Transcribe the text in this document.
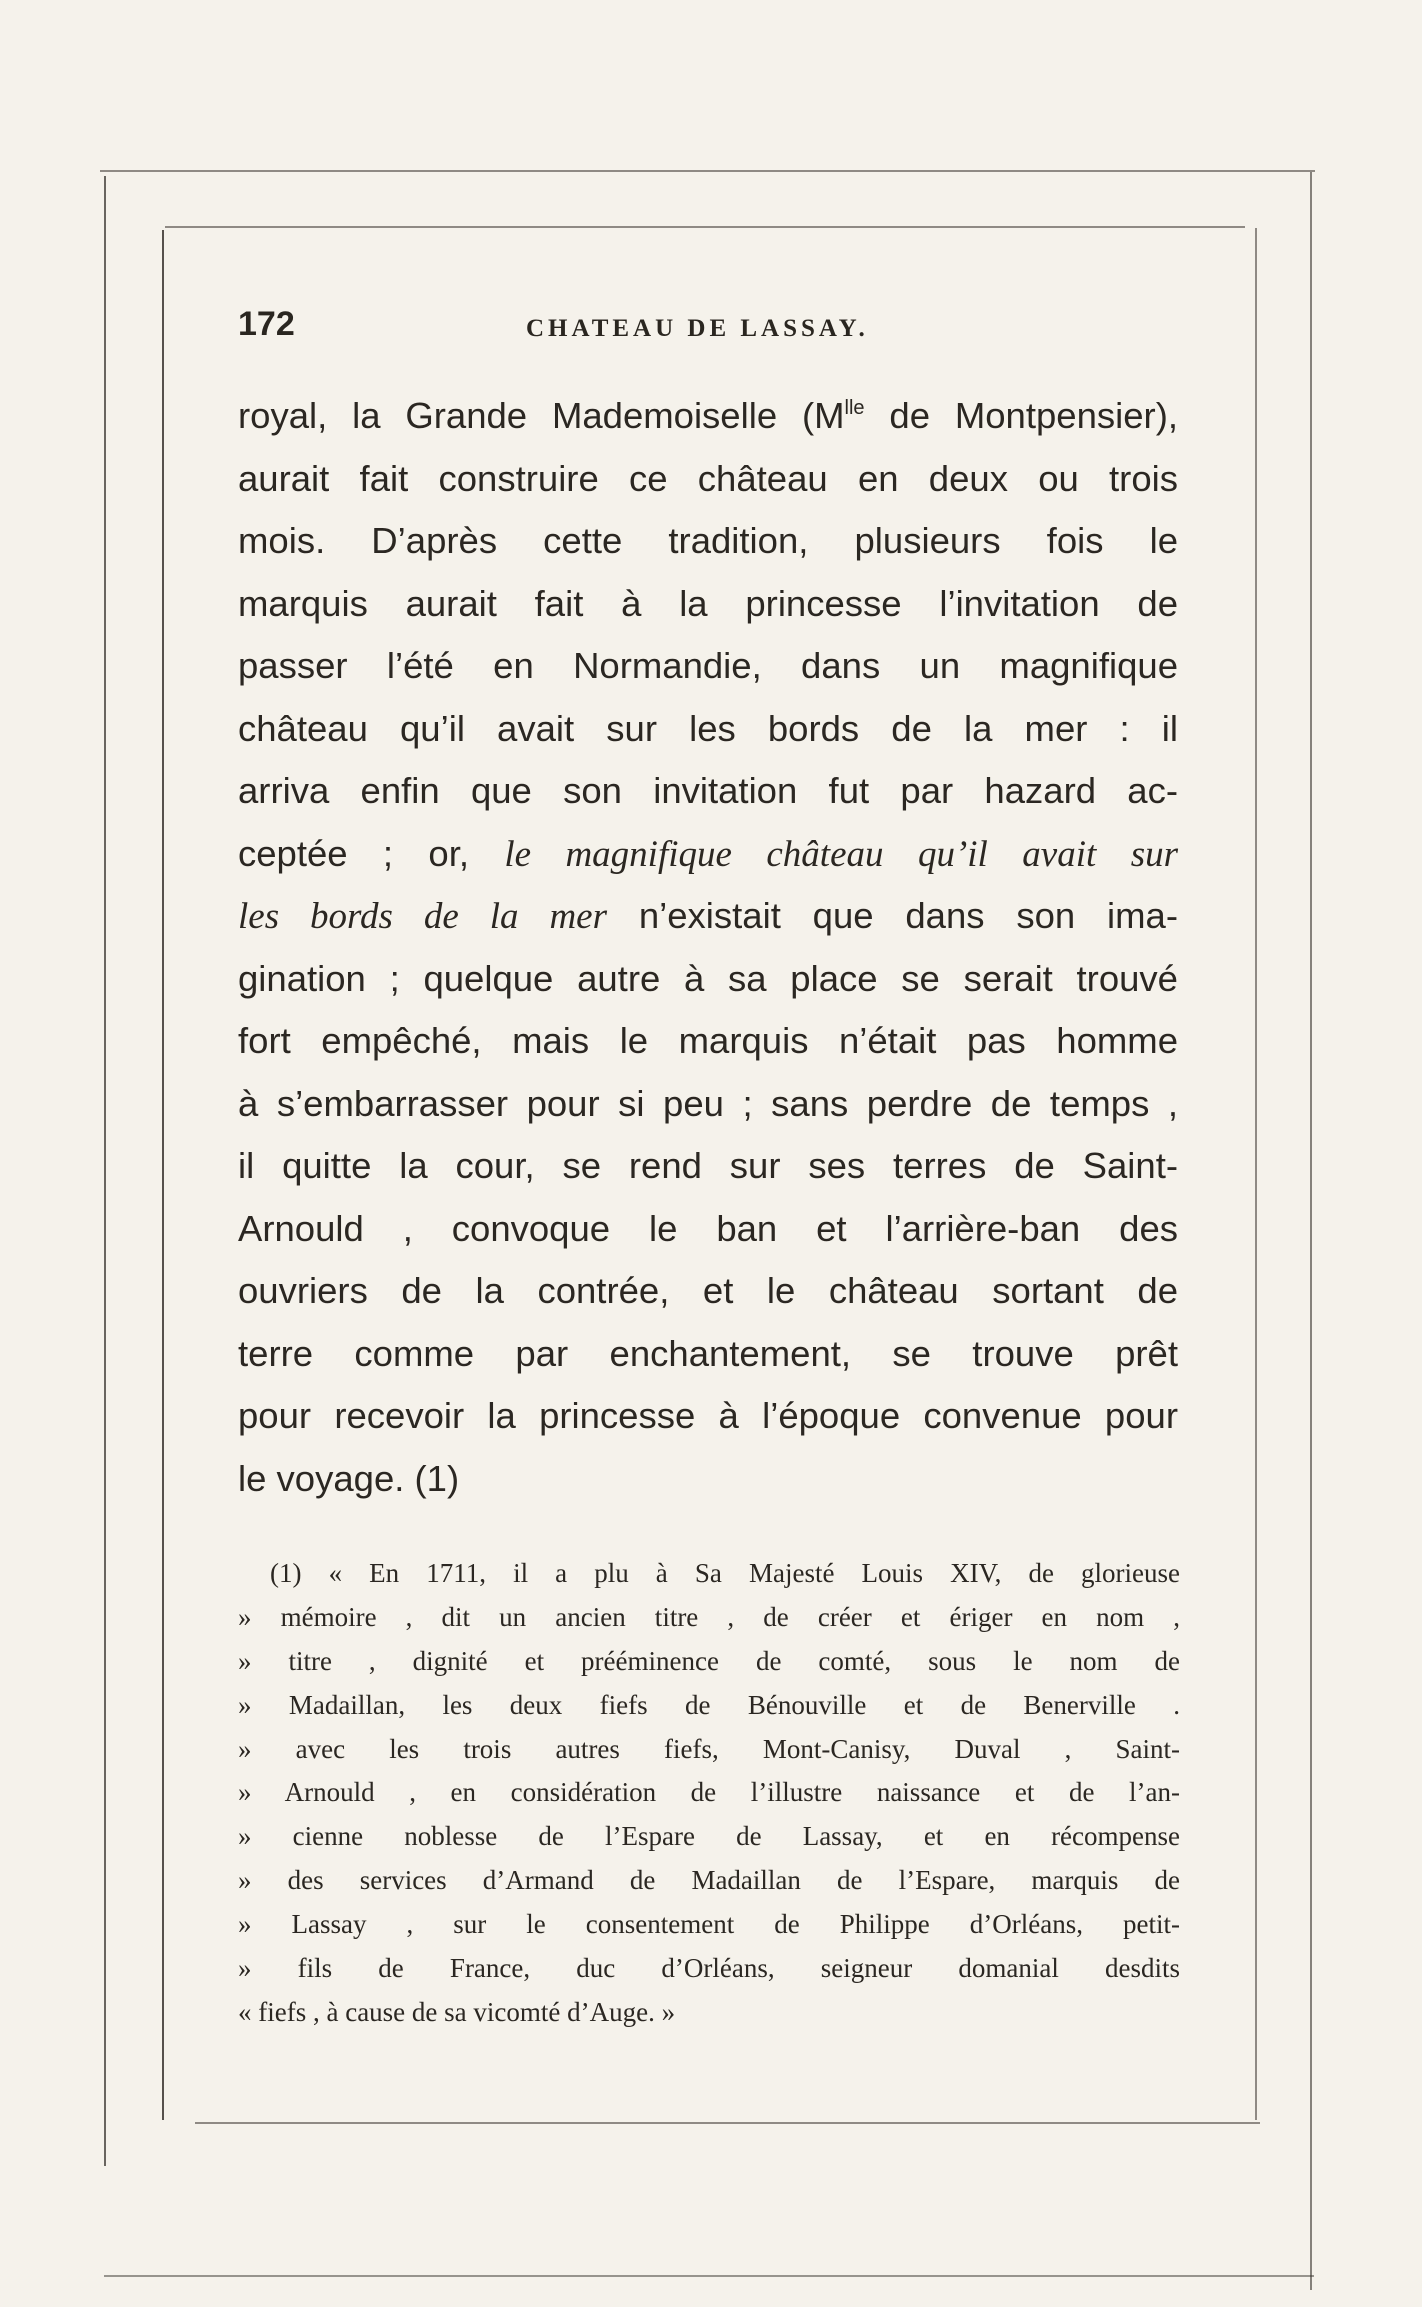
172	CHATEAU DE LASSAY.
royal, la Grande Mademoiselle ($M^{lle}$ de Montpensier),
aurait fait construire ce château en deux ou trois
mois. D’après cette tradition, plusieurs fois le
marquis aurait fait à la princesse l’invitation de
passer l’été en Normandie, dans un magnifique
château qu’il avait sur les bords de la mer : il
arriva enfin que son invitation fut par hazard ac-
ceptée ; or, le magnifique château qu’il avait sur
les bords de la mer n’existait que dans son ima-
gination ; quelque autre à sa place se serait trouvé
fort empêché, mais le marquis n’était pas homme
à s’embarrasser pour si peu ; sans perdre de temps ,
il quitte la cour, se rend sur ses terres de Saint-
Arnould , convoque le ban et l’arrière-ban des
ouvriers de la contrée, et le château sortant de
terre comme par enchantement, se trouve prêt
pour recevoir la princesse à l’époque convenue pour
le voyage. (1)
(1) « En 1711, il a plu à Sa Majesté Louis XIV, de glorieuse
» mémoire , dit un ancien titre , de créer et ériger en nom ,
» titre , dignité et prééminence de comté, sous le nom de
» Madaillan, les deux fiefs de Bénouville et de Benerville .
» avec les trois autres fiefs, Mont-Canisy, Duval , Saint-
» Arnould , en considération de l’illustre naissance et de l’an-
» cienne noblesse de l’Espare de Lassay, et en récompense
» des services d’Armand de Madaillan de l’Espare, marquis de
» Lassay , sur le consentement de Philippe d’Orléans, petit-
» fils de France, duc d’Orléans, seigneur domanial desdits
« fiefs , à cause de sa vicomté d’Auge. »
